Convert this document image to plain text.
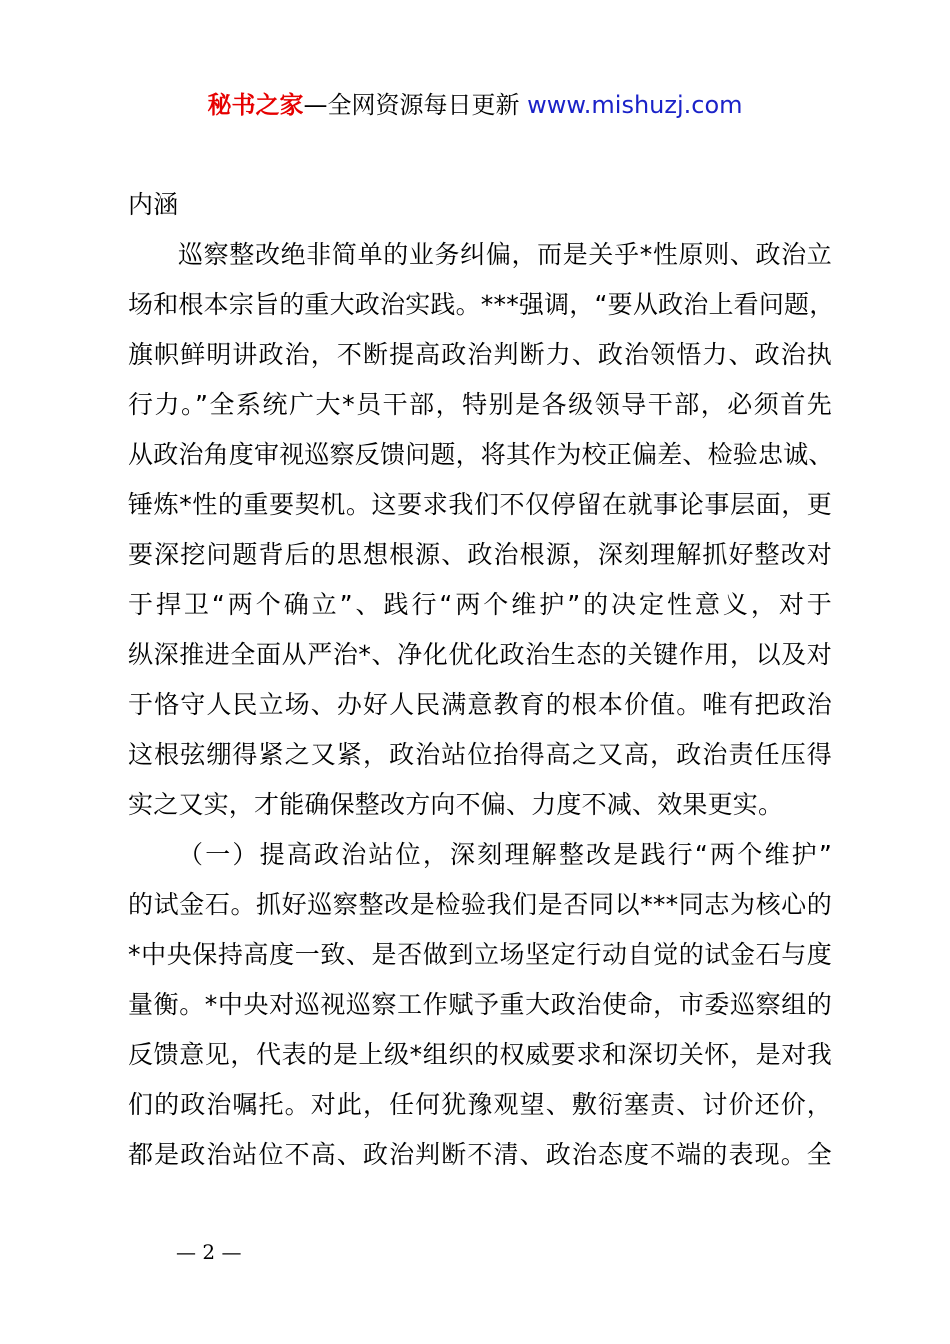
秘书之家—全网资源每日更新 www.mishuzj.com
内涵
巡察整改绝非简单的业务纠偏，而是关乎*性原则、政治立
场和根本宗旨的重大政治实践。***强调，“要从政治上看问题，
旗帜鲜明讲政治，不断提高政治判断力、政治领悟力、政治执
行力。”全系统广大*员干部，特别是各级领导干部，必须首先
从政治角度审视巡察反馈问题，将其作为校正偏差、检验忠诚、
锤炼*性的重要契机。这要求我们不仅停留在就事论事层面，更
要深挖问题背后的思想根源、政治根源，深刻理解抓好整改对
于捍卫“两个确立”、践行“两个维护”的决定性意义，对于
纵深推进全面从严治*、净化优化政治生态的关键作用，以及对
于恪守人民立场、办好人民满意教育的根本价值。唯有把政治
这根弦绷得紧之又紧，政治站位抬得高之又高，政治责任压得
实之又实，才能确保整改方向不偏、力度不减、效果更实。
（一）提高政治站位，深刻理解整改是践行“两个维护”
的试金石。抓好巡察整改是检验我们是否同以***同志为核心的
*中央保持高度一致、是否做到立场坚定行动自觉的试金石与度
量衡。*中央对巡视巡察工作赋予重大政治使命，市委巡察组的
反馈意见，代表的是上级*组织的权威要求和深切关怀，是对我
们的政治嘱托。对此，任何犹豫观望、敷衍塞责、讨价还价，
都是政治站位不高、政治判断不清、政治态度不端的表现。全
— 2 —
